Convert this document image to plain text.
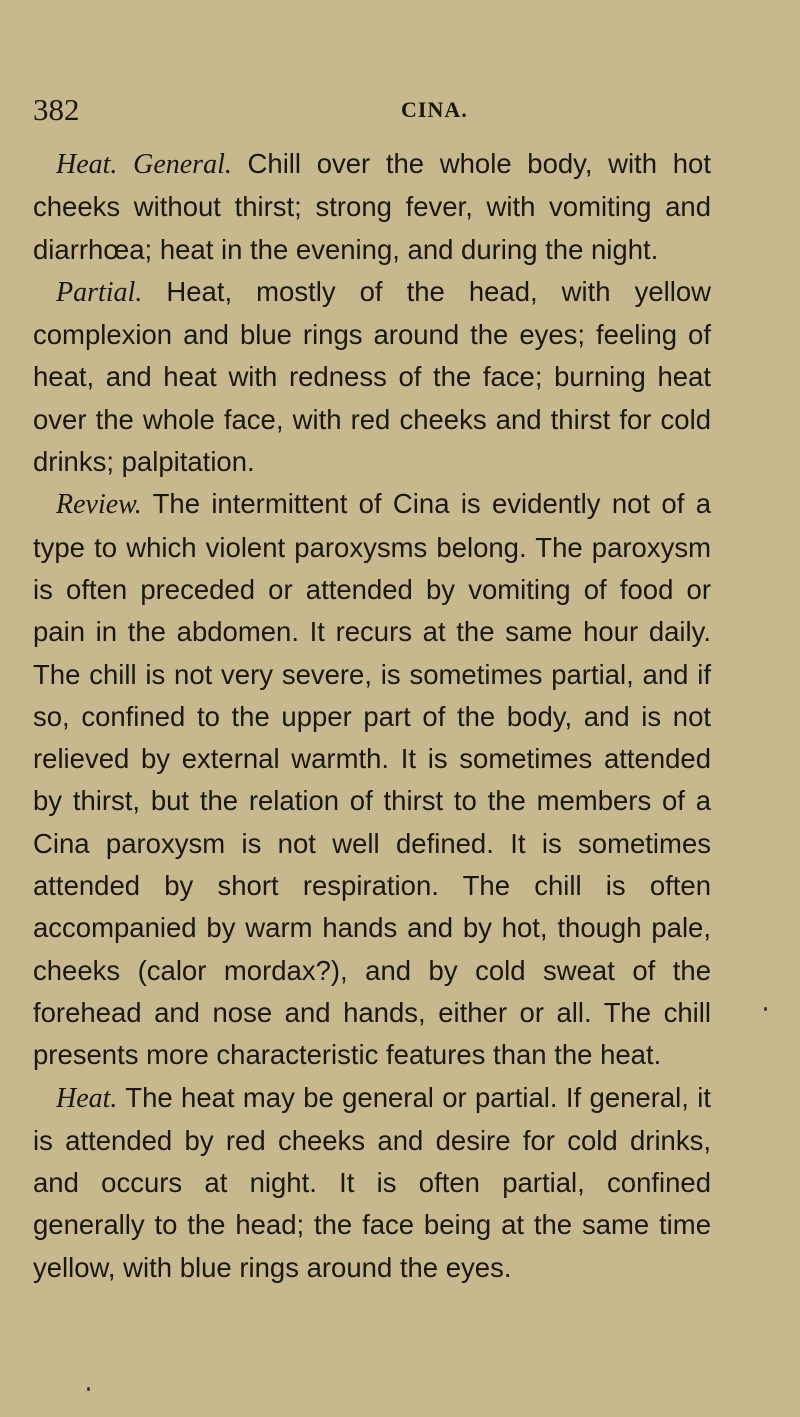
382	CINA.

Heat. General. Chill over the whole body, with hot cheeks without thirst; strong fever, with vomiting and diarrhœa; heat in the evening, and during the night.

Partial. Heat, mostly of the head, with yellow complexion and blue rings around the eyes; feeling of heat, and heat with redness of the face; burning heat over the whole face, with red cheeks and thirst for cold drinks; palpitation.

Review. The intermittent of Cina is evidently not of a type to which violent paroxysms belong. The paroxysm is often preceded or attended by vomiting of food or pain in the abdomen. It recurs at the same hour daily. The chill is not very severe, is sometimes partial, and if so, confined to the upper part of the body, and is not relieved by external warmth. It is sometimes attended by thirst, but the relation of thirst to the members of a Cina paroxysm is not well defined. It is sometimes attended by short respiration. The chill is often accompanied by warm hands and by hot, though pale, cheeks (calor mordax?), and by cold sweat of the forehead and nose and hands, either or all. The chill presents more characteristic features than the heat.

Heat. The heat may be general or partial. If general, it is attended by red cheeks and desire for cold drinks, and occurs at night. It is often partial, confined generally to the head; the face being at the same time yellow, with blue rings around the eyes.
